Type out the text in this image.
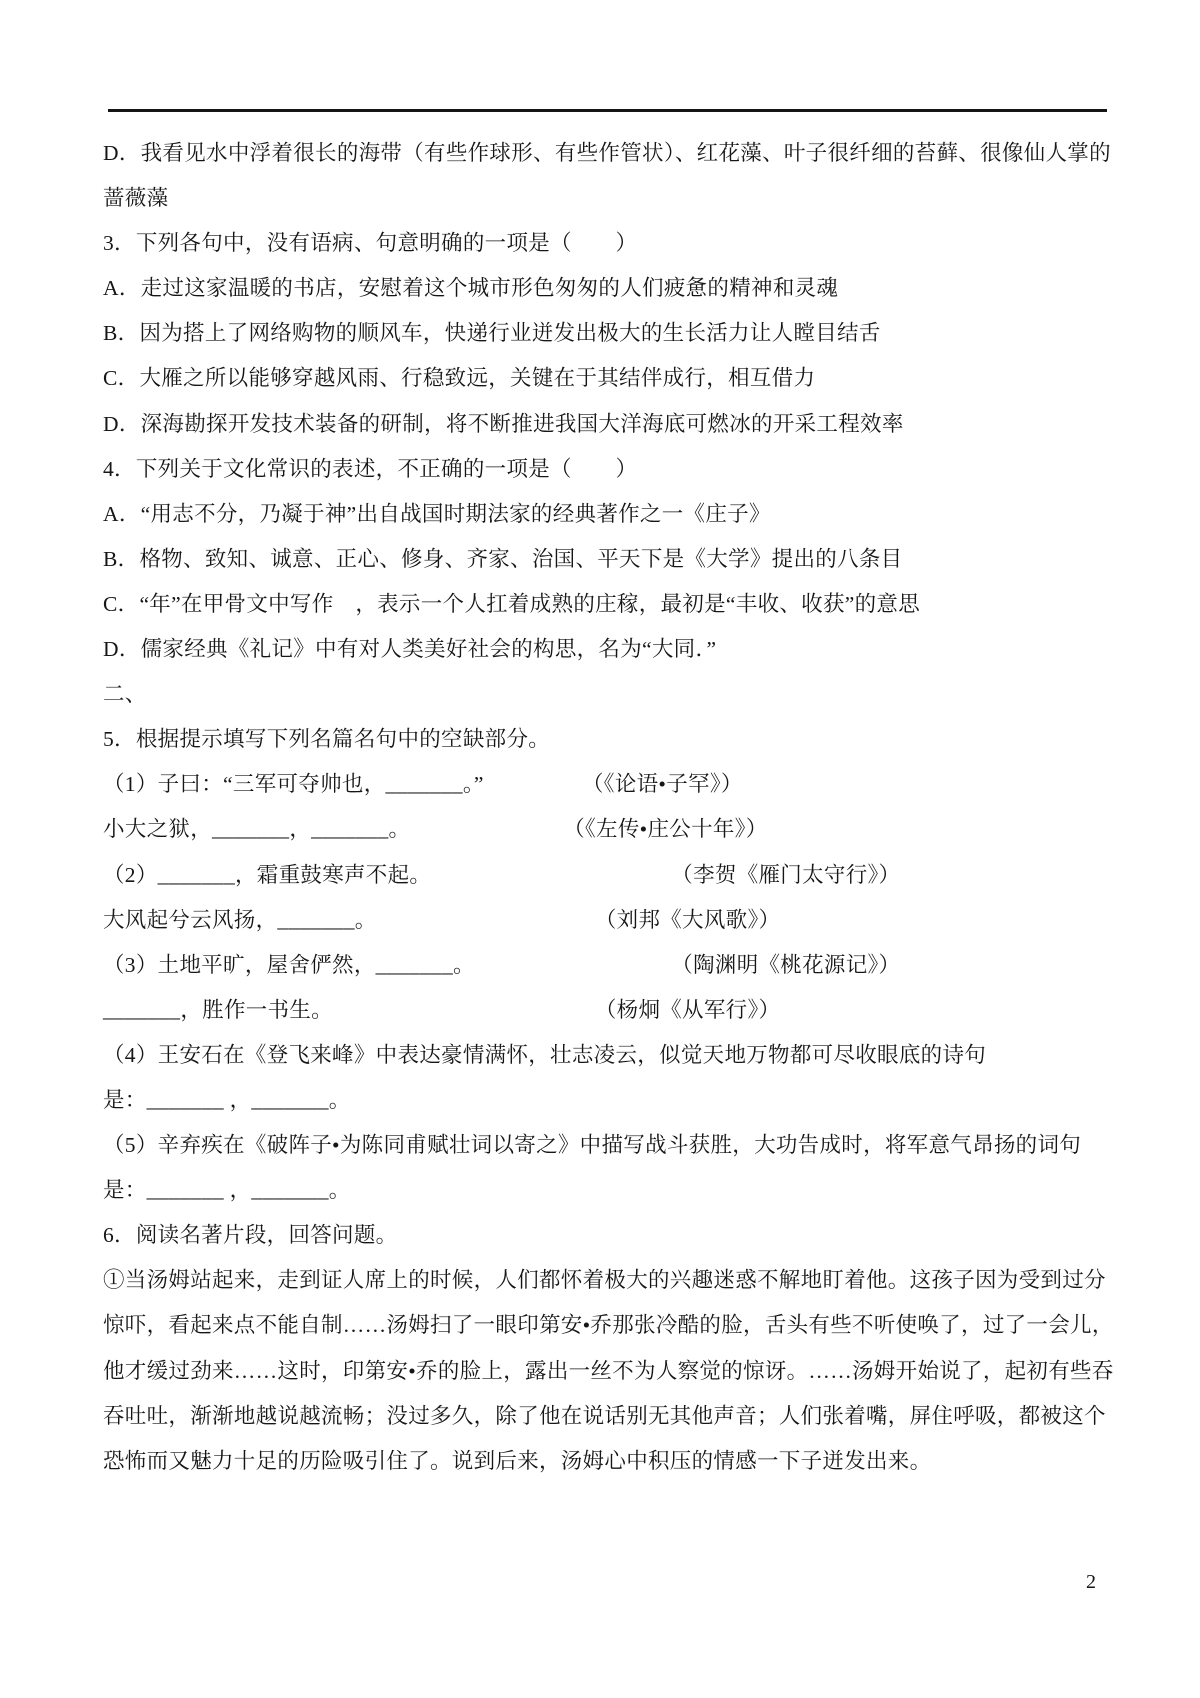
D．我看见水中浮着很长的海带（有些作球形、有些作管状）、红花藻、叶子很纤细的苔藓、很像仙人掌的
蔷薇藻
3．下列各句中，没有语病、句意明确的一项是（　　）
A．走过这家温暖的书店，安慰着这个城市形色匆匆的人们疲惫的精神和灵魂
B．因为搭上了网络购物的顺风车，快递行业迸发出极大的生长活力让人瞠目结舌
C．大雁之所以能够穿越风雨、行稳致远，关键在于其结伴成行，相互借力
D．深海勘探开发技术装备的研制，将不断推进我国大洋海底可燃冰的开采工程效率
4．下列关于文化常识的表述，不正确的一项是（　　）
A．“用志不分，乃凝于神”出自战国时期法家的经典著作之一《庄子》
B．格物、致知、诚意、正心、修身、齐家、治国、平天下是《大学》提出的八条目
C．“年”在甲骨文中写作　，表示一个人扛着成熟的庄稼，最初是“丰收、收获”的意思
D．儒家经典《礼记》中有对人类美好社会的构思，名为“大同．”
二、
5．根据提示填写下列名篇名句中的空缺部分。
（1）子曰：“三军可夺帅也，_______。”　　　　　（《论语•子罕》）
小大之狱，_______，_______。　　　　　　　　（《左传•庄公十年》）
（2）_______，霜重鼓寒声不起。　　　　　　　　　　　　（李贺《雁门太守行》）
大风起兮云风扬，_______。　　　　　　　　　　　（刘邦《大风歌》）
（3）土地平旷，屋舍俨然，_______。　　　　　　　　　　（陶渊明《桃花源记》）
_______，胜作一书生。　　　　　　　　　　　　　（杨炯《从军行》）
（4）王安石在《登飞来峰》中表达豪情满怀，壮志凌云，似觉天地万物都可尽收眼底的诗句
是：_______ ，_______。
（5）辛弃疾在《破阵子•为陈同甫赋壮词以寄之》中描写战斗获胜，大功告成时，将军意气昂扬的词句
是：_______ ，_______。
6．阅读名著片段，回答问题。
①当汤姆站起来，走到证人席上的时候，人们都怀着极大的兴趣迷惑不解地盯着他。这孩子因为受到过分
惊吓，看起来点不能自制……汤姆扫了一眼印第安•乔那张冷酷的脸，舌头有些不听使唤了，过了一会儿，
他才缓过劲来……这时，印第安•乔的脸上，露出一丝不为人察觉的惊讶。……汤姆开始说了，起初有些吞
吞吐吐，渐渐地越说越流畅；没过多久，除了他在说话别无其他声音；人们张着嘴，屏住呼吸，都被这个
恐怖而又魅力十足的历险吸引住了。说到后来，汤姆心中积压的情感一下子迸发出来。
2
